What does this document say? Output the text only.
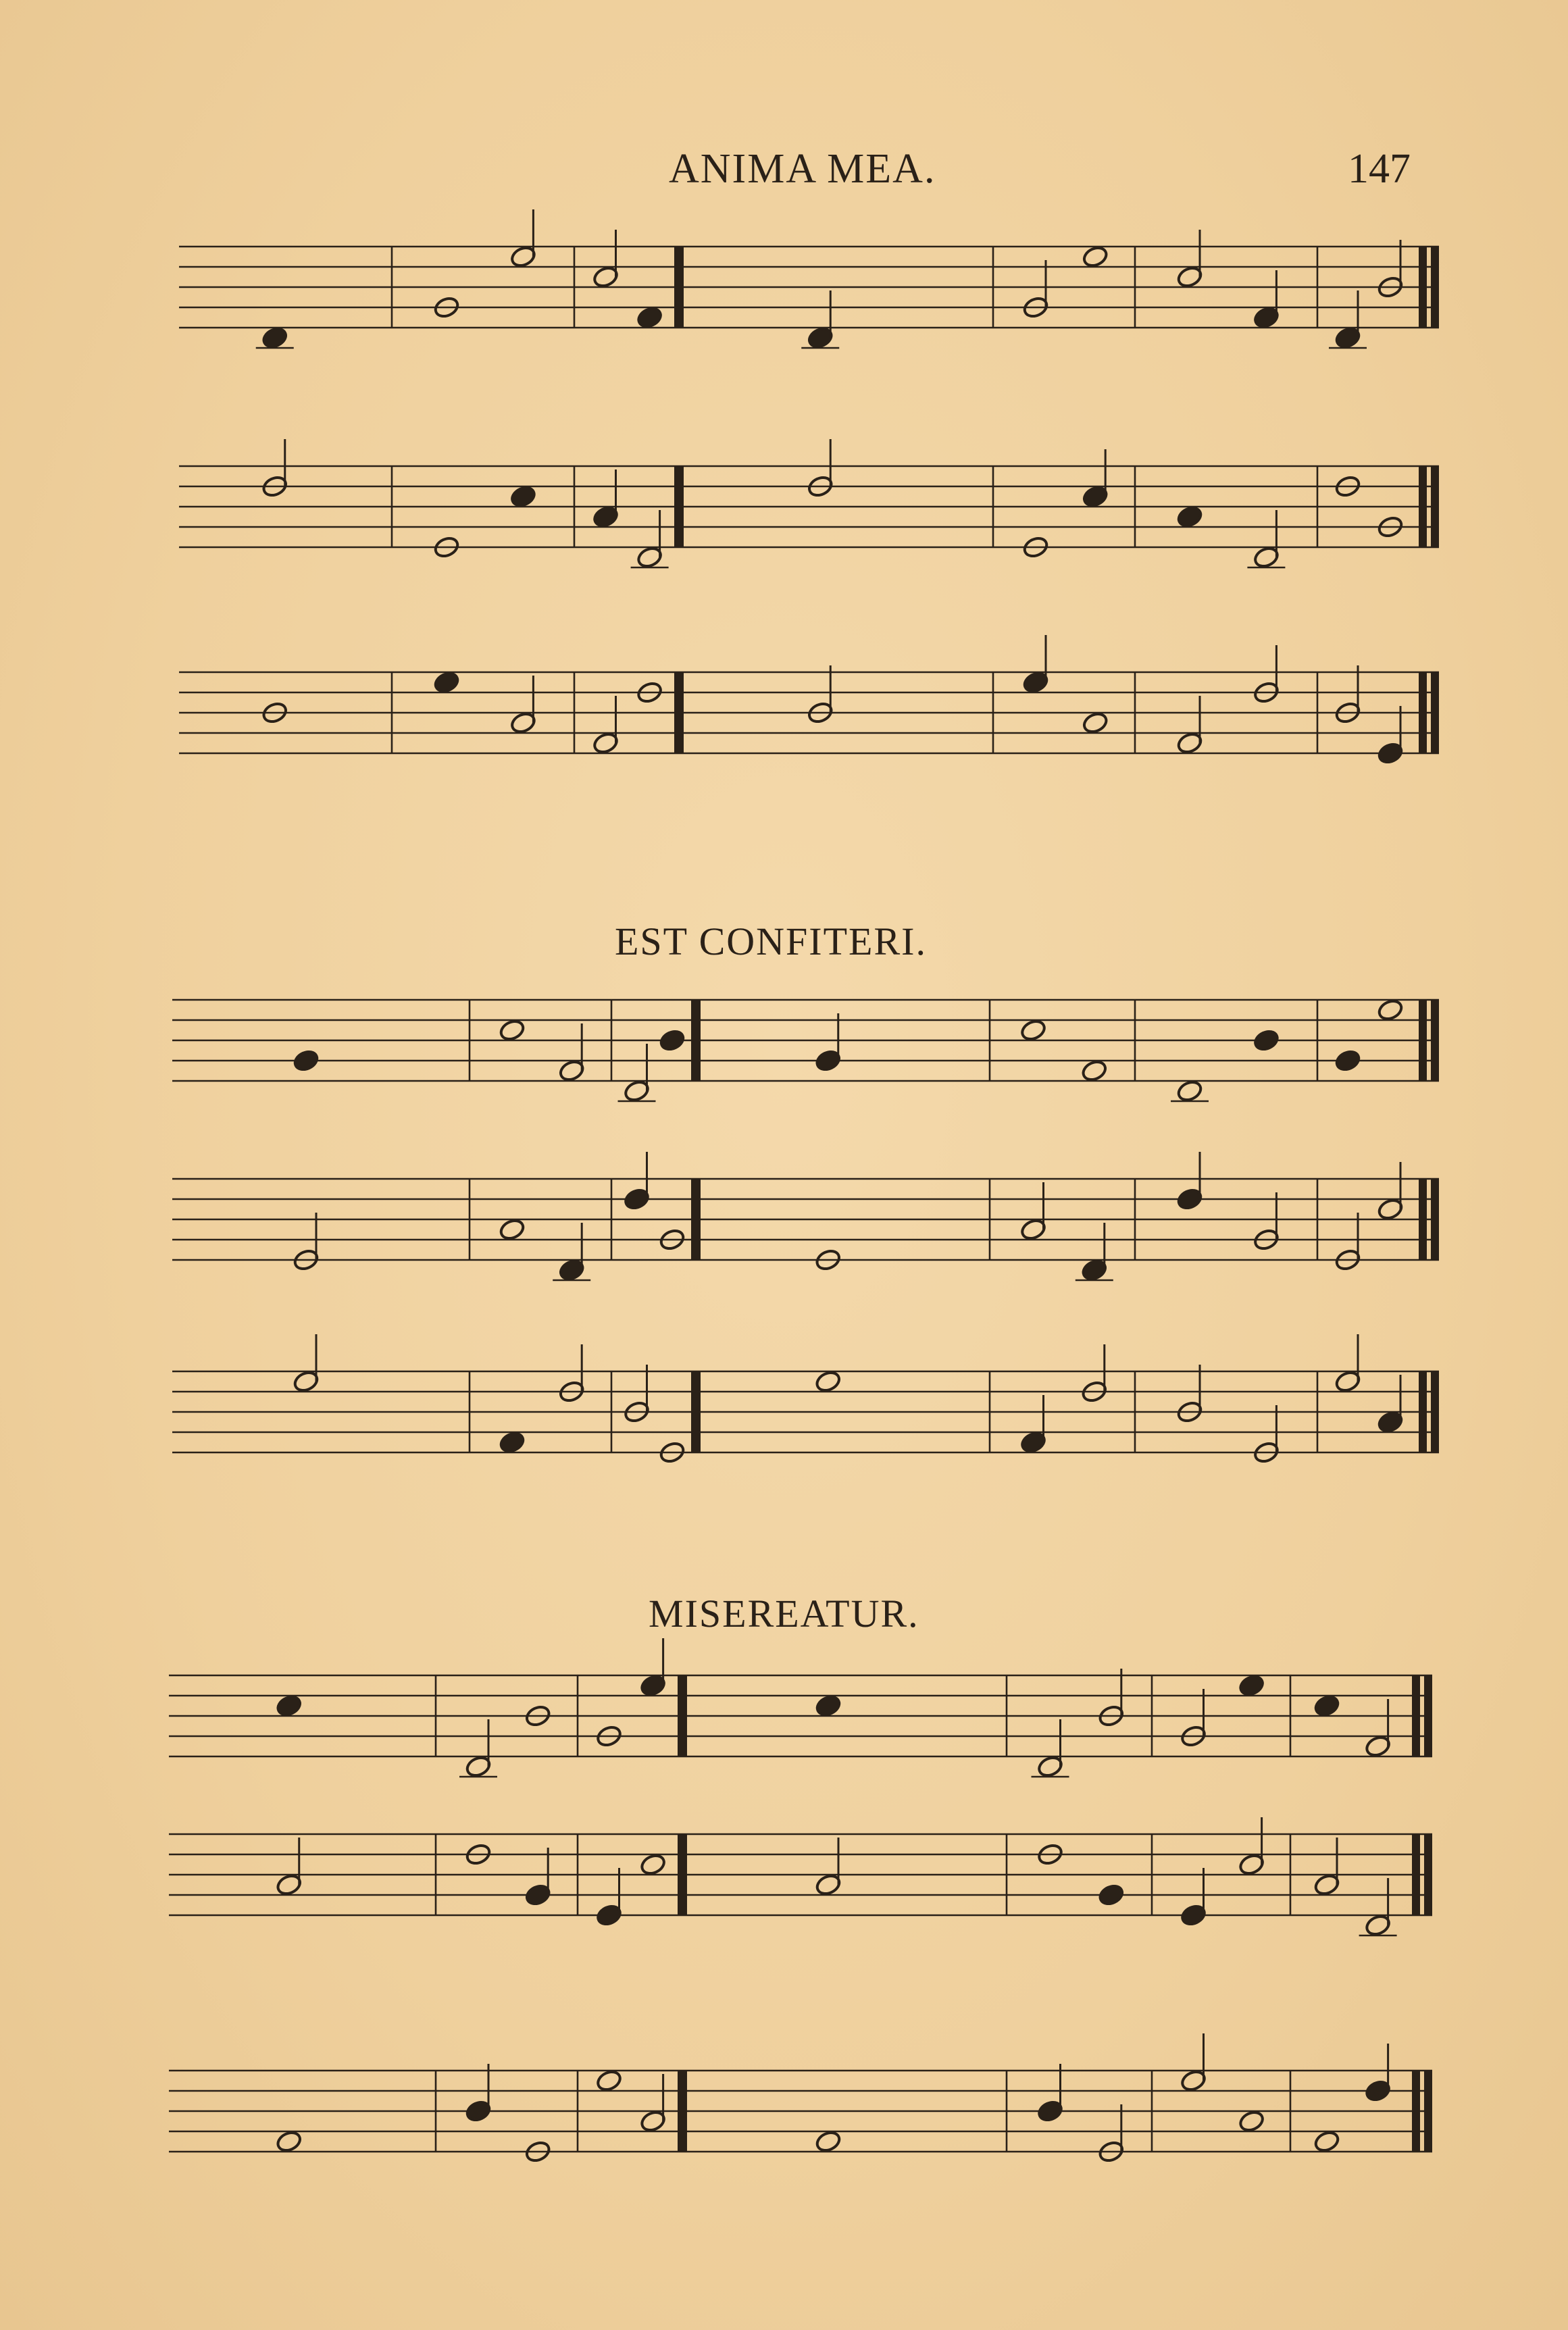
ANIMA MEA.	147
EST CONFITERI.
MISEREATUR.
